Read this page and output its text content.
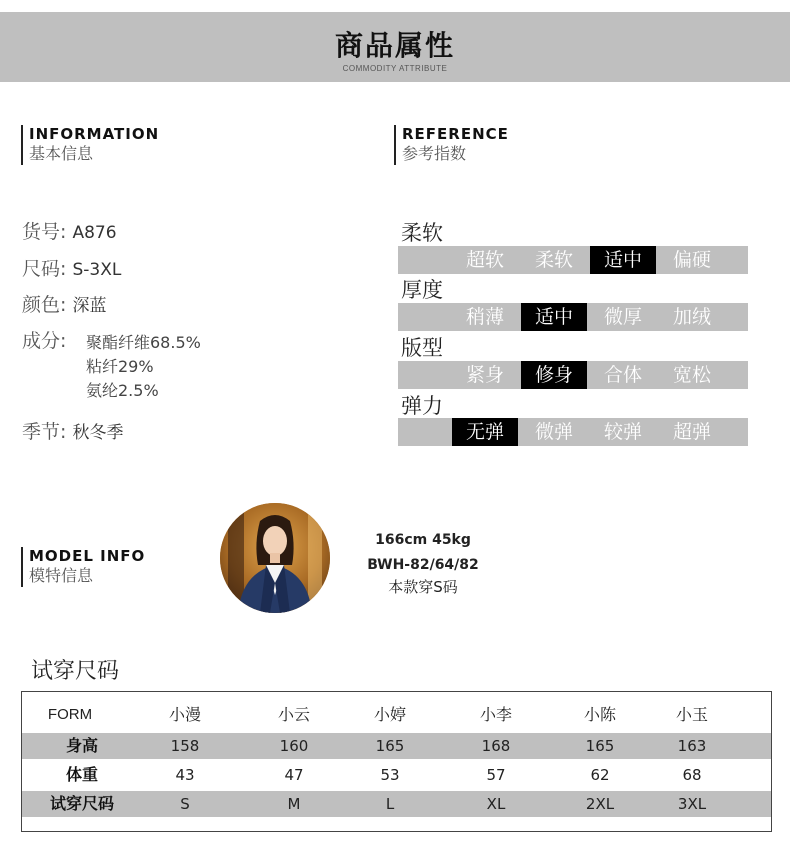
商品属性
COMMODITY ATTRIBUTE
INFORMATION
基本信息
REFERENCE
参考指数
货号: A876
尺码: S-3XL
颜色: 深蓝
成分: 聚酯纤维68.5%
粘纤29%
氨纶2.5%
季节: 秋冬季
柔软
超软	柔软	适中	偏硬
厚度
稍薄	适中	微厚	加绒
版型
紧身	修身	合体	宽松
弹力
无弹	微弹	较弹	超弹
MODEL INFO
模特信息
166cm 45kg
BWH-82/64/82
本款穿S码
试穿尺码
FORM	小漫	小云	小婷	小李	小陈	小玉
身高	158	160	165	168	165	163
体重	43	47	53	57	62	68
试穿尺码	S	M	L	XL	2XL	3XL
